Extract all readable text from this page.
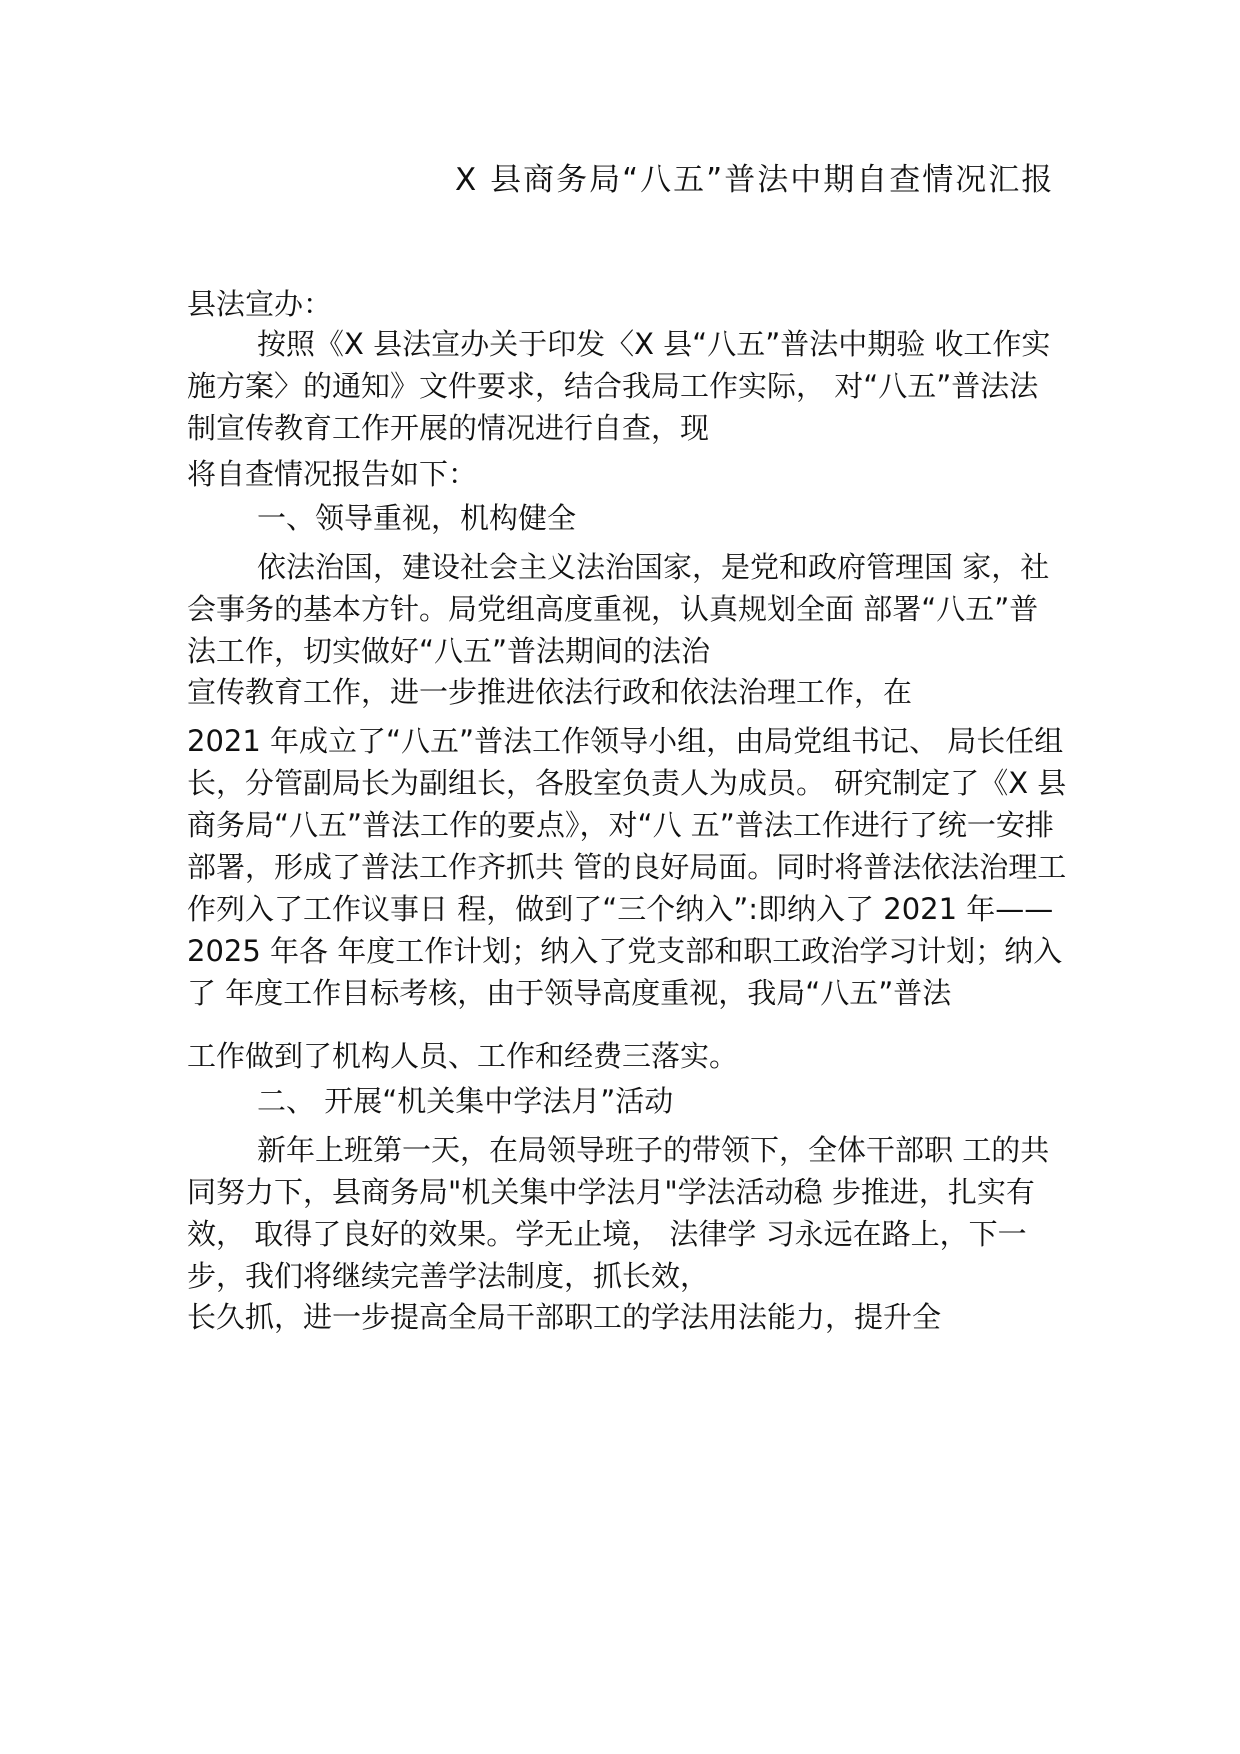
X 县商务局“八五”普法中期自查情况汇报
县法宣办：
按照《X 县法宣办关于印发〈X 县“八五”普法中期验 收工作实施方案〉的通知》文件要求，结合我局工作实际， 对“八五”普法法制宣传教育工作开展的情况进行自查，现
将自查情况报告如下：
一、领导重视，机构健全
依法治国，建设社会主义法治国家，是党和政府管理国 家，社会事务的基本方针。局党组高度重视，认真规划全面 部署“八五”普法工作，切实做好“八五”普法期间的法治
宣传教育工作，进一步推进依法行政和依法治理工作，在
2021 年成立了“八五”普法工作领导小组，由局党组书记、 局长任组长，分管副局长为副组长，各股室负责人为成员。 研究制定了《X 县商务局“八五”普法工作的要点》，对“八 五”普法工作进行了统一安排部署，形成了普法工作齐抓共 管的良好局面。同时将普法依法治理工作列入了工作议事日 程，做到了“三个纳入”:即纳入了 2021 年——2025 年各 年度工作计划；纳入了党支部和职工政治学习计划；纳入了 年度工作目标考核，由于领导高度重视，我局“八五”普法
工作做到了机构人员、工作和经费三落实。
二、 开展“机关集中学法月”活动
新年上班第一天，在局领导班子的带领下，全体干部职 工的共同努力下，县商务局"机关集中学法月"学法活动稳 步推进，扎实有效， 取得了良好的效果。学无止境， 法律学 习永远在路上，下一步，我们将继续完善学法制度，抓长效，
长久抓，进一步提高全局干部职工的学法用法能力，提升全
